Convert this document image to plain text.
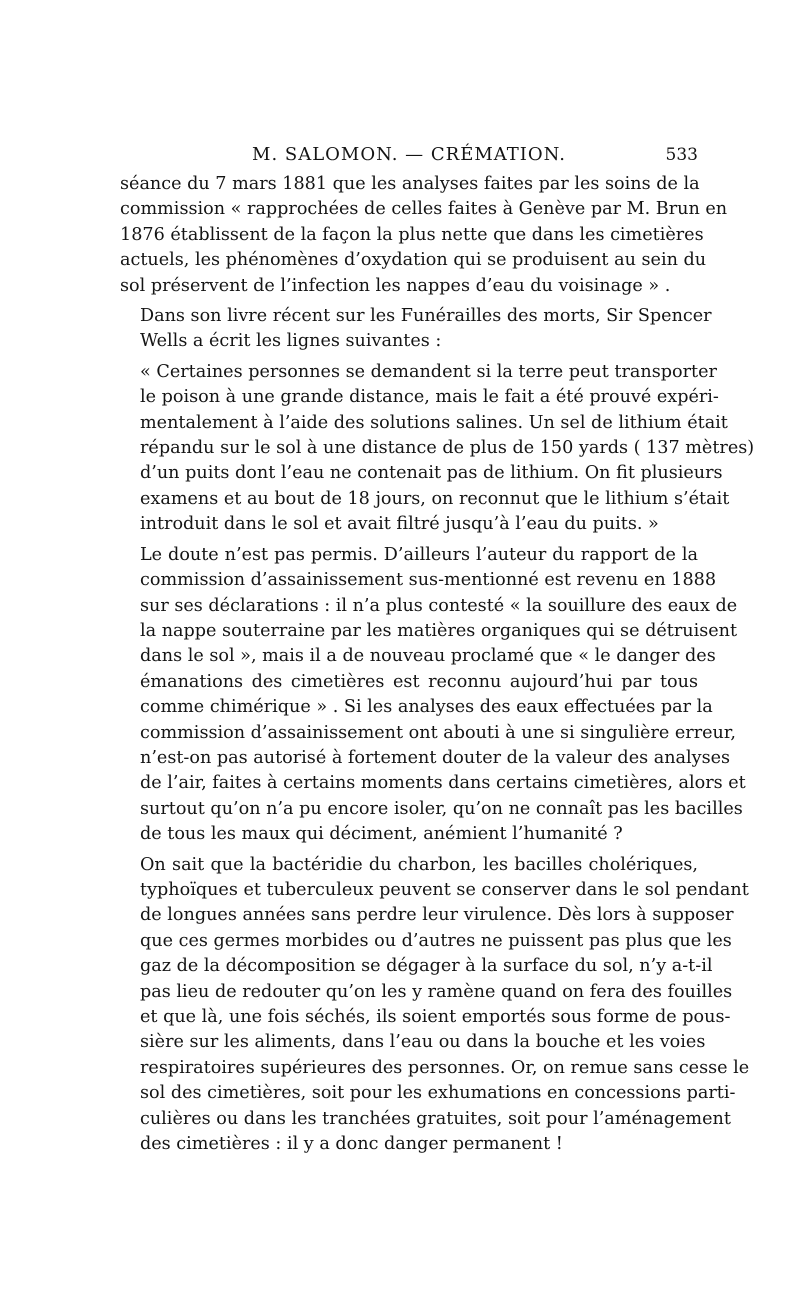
M. SALOMON. — CRÉMATION.	533

séance du 7 mars 1881 que les analyses faites par les soins de la
commission « rapprochées de celles faites à Genève par M. Brun en
1876 établissent de la façon la plus nette que dans les cimetières
actuels, les phénomènes d’oxydation qui se produisent au sein du
sol préservent de l’infection les nappes d’eau du voisinage » .

Dans son livre récent sur les Funérailles des morts, Sir Spencer
Wells a écrit les lignes suivantes :

« Certaines personnes se demandent si la terre peut transporter
le poison à une grande distance, mais le fait a été prouvé expéri-
mentalement à l’aide des solutions salines. Un sel de lithium était
répandu sur le sol à une distance de plus de 150 yards ( 137 mètres)
d’un puits dont l’eau ne contenait pas de lithium. On fit plusieurs
examens et au bout de 18 jours, on reconnut que le lithium s’était
introduit dans le sol et avait filtré jusqu’à l’eau du puits. »

Le doute n’est pas permis. D’ailleurs l’auteur du rapport de la
commission d’assainissement sus-mentionné est revenu en 1888
sur ses déclarations : il n’a plus contesté « la souillure des eaux de
la nappe souterraine par les matières organiques qui se détruisent
dans le sol », mais il a de nouveau proclamé que « le danger des
émanations des cimetières est reconnu aujourd’hui par tous
comme chimérique » . Si les analyses des eaux effectuées par la
commission d’assainissement ont abouti à une si singulière erreur,
n’est-on pas autorisé à fortement douter de la valeur des analyses
de l’air, faites à certains moments dans certains cimetières, alors et
surtout qu’on n’a pu encore isoler, qu’on ne connaît pas les bacilles
de tous les maux qui déciment, anémient l’humanité ?

On sait que la bactéridie du charbon, les bacilles cholériques,
typhoïques et tuberculeux peuvent se conserver dans le sol pendant
de longues années sans perdre leur virulence. Dès lors à supposer
que ces germes morbides ou d’autres ne puissent pas plus que les
gaz de la décomposition se dégager à la surface du sol, n’y a-t-il
pas lieu de redouter qu’on les y ramène quand on fera des fouilles
et que là, une fois séchés, ils soient emportés sous forme de pous-
sière sur les aliments, dans l’eau ou dans la bouche et les voies
respiratoires supérieures des personnes. Or, on remue sans cesse le
sol des cimetières, soit pour les exhumations en concessions parti-
culières ou dans les tranchées gratuites, soit pour l’aménagement
des cimetières : il y a donc danger permanent !
